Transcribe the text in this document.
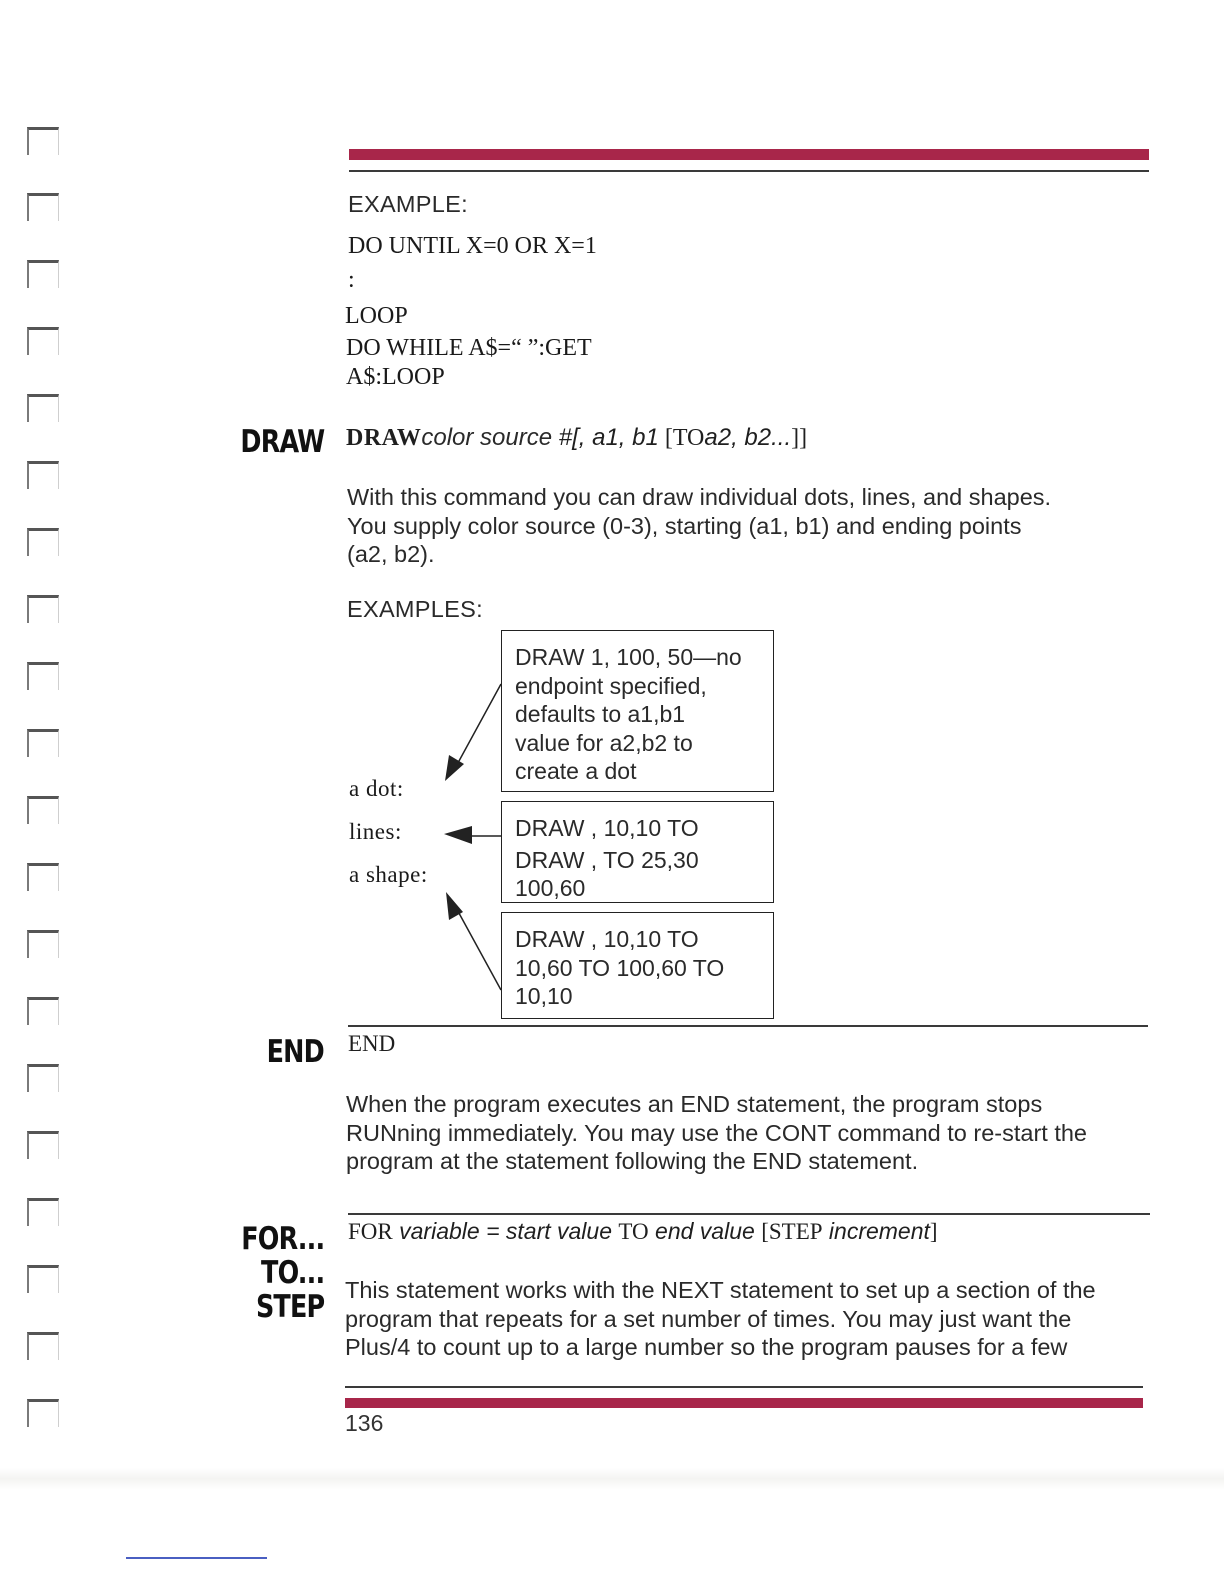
EXAMPLE:
DO UNTIL X=0 OR X=1
:
LOOP
DO WHILE A$=“ ”:GET
A$:LOOP
DRAW DRAWcolor source #[, a1, b1 [TOa2, b2...]]
With this command you can draw individual dots, lines, and shapes.
You supply color source (0-3), starting (a1, b1) and ending points
(a2, b2).
EXAMPLES:
a dot:
lines:
a shape:
DRAW 1, 100, 50—no
endpoint specified,
defaults to a1,b1
value for a2,b2 to
create a dot
DRAW , 10,10 TO
DRAW , TO 25,30
100,60
DRAW , 10,10 TO
10,60 TO 100,60 TO
10,10
END END
When the program executes an END statement, the program stops
RUNning immediately. You may use the CONT command to re-start the
program at the statement following the END statement.
FOR...
TO...
STEP
FOR variable = start value TO end value [STEP increment]
This statement works with the NEXT statement to set up a section of the
program that repeats for a set number of times. You may just want the
Plus/4 to count up to a large number so the program pauses for a few
136
